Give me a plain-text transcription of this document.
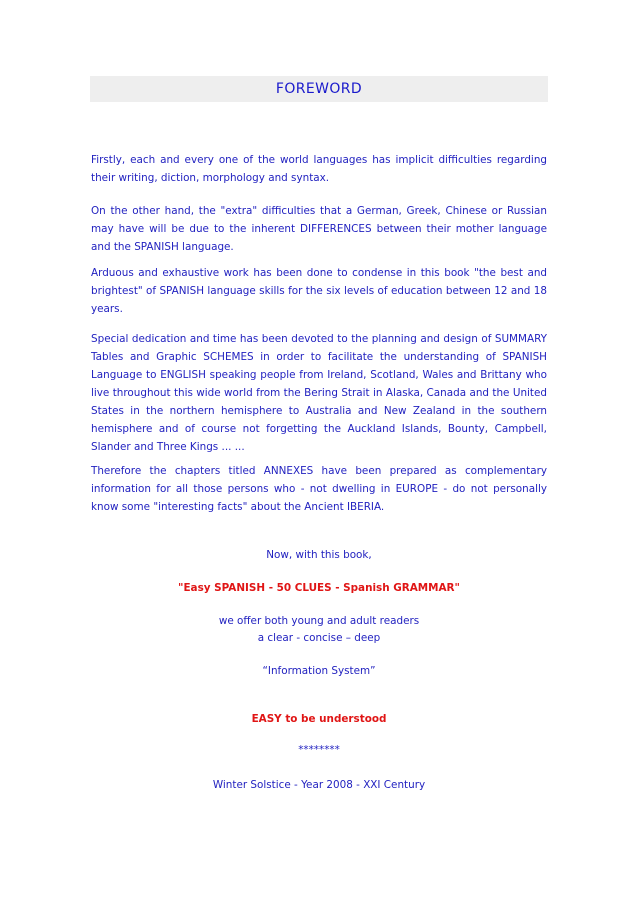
FOREWORD

Firstly, each and every one of the world languages has implicit difficulties regarding their writing, diction, morphology and syntax.

On the other hand, the "extra" difficulties that a German, Greek, Chinese or Russian may have will be due to the inherent DIFFERENCES between their mother language and the SPANISH language.

Arduous and exhaustive work has been done to condense in this book "the best and brightest" of SPANISH language skills for the six levels of education between 12 and 18 years.

Special dedication and time has been devoted to the planning and design of SUMMARY Tables and Graphic SCHEMES in order to facilitate the understanding of SPANISH Language to ENGLISH speaking people from Ireland, Scotland, Wales and Brittany who live throughout this wide world from the Bering Strait in Alaska, Canada and the United States in the northern hemisphere to Australia and New Zealand in the southern hemisphere and of course not forgetting the Auckland Islands, Bounty, Campbell, Slander and Three Kings ... ...

Therefore the chapters titled ANNEXES have been prepared as complementary information for all those persons who - not dwelling in EUROPE - do not personally know some "interesting facts" about the Ancient IBERIA.

Now, with this book,

"Easy SPANISH - 50 CLUES - Spanish GRAMMAR"

we offer both young and adult readers

a clear - concise – deep

“Information System”

EASY to be understood

********

Winter Solstice - Year 2008 - XXI Century
